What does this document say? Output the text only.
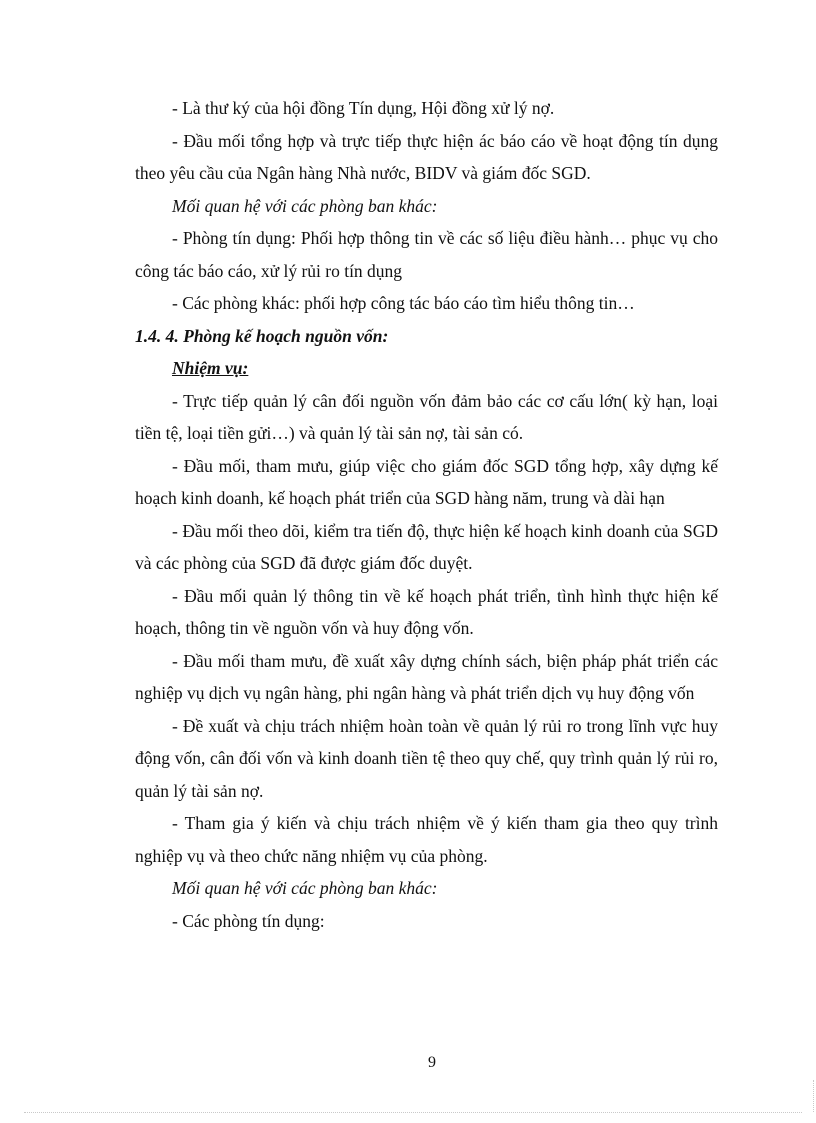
- Là thư ký của hội đồng Tín dụng, Hội đồng xử lý nợ.

- Đầu mối tổng hợp và trực tiếp thực hiện ác báo cáo về hoạt động tín dụng theo yêu cầu của Ngân hàng Nhà nước, BIDV và giám đốc SGD.

Mối quan hệ với các phòng ban khác:

- Phòng tín dụng: Phối hợp thông tin về các số liệu điều hành… phục vụ cho công tác báo cáo, xử lý rủi ro tín dụng

- Các phòng khác: phối hợp công tác báo cáo tìm hiểu thông tin…

1.4. 4. Phòng kế hoạch nguồn vốn:

Nhiệm vụ:

- Trực tiếp quản lý cân đối nguồn vốn đảm bảo các cơ cấu lớn( kỳ hạn, loại tiền tệ, loại tiền gửi…) và quản lý tài sản nợ, tài sản có.

- Đầu mối, tham mưu, giúp việc cho giám đốc SGD tổng hợp, xây dựng kế hoạch kinh doanh, kế hoạch phát triển của SGD hàng năm, trung và dài hạn

- Đầu mối theo dõi, kiểm tra tiến độ, thực hiện kế hoạch kinh doanh của SGD và các phòng của SGD đã được giám đốc duyệt.

- Đầu mối quản lý thông tin về kế hoạch phát triển, tình hình thực hiện kế hoạch, thông tin về nguồn vốn và huy động vốn.

- Đầu mối tham mưu, đề xuất xây dựng chính sách, biện pháp phát triển các nghiệp vụ dịch vụ ngân hàng, phi ngân hàng và phát triển dịch vụ huy động vốn

- Đề xuất và chịu trách nhiệm hoàn toàn về quản lý rủi ro trong lĩnh vực huy động vốn, cân đối vốn và kinh doanh tiền tệ theo quy chế, quy trình quản lý rủi ro, quản lý tài sản nợ.

- Tham gia ý kiến và chịu trách nhiệm về ý kiến tham gia theo quy trình nghiệp vụ và theo chức năng nhiệm vụ của phòng.

Mối quan hệ với các phòng ban khác:

- Các phòng tín dụng:

9
